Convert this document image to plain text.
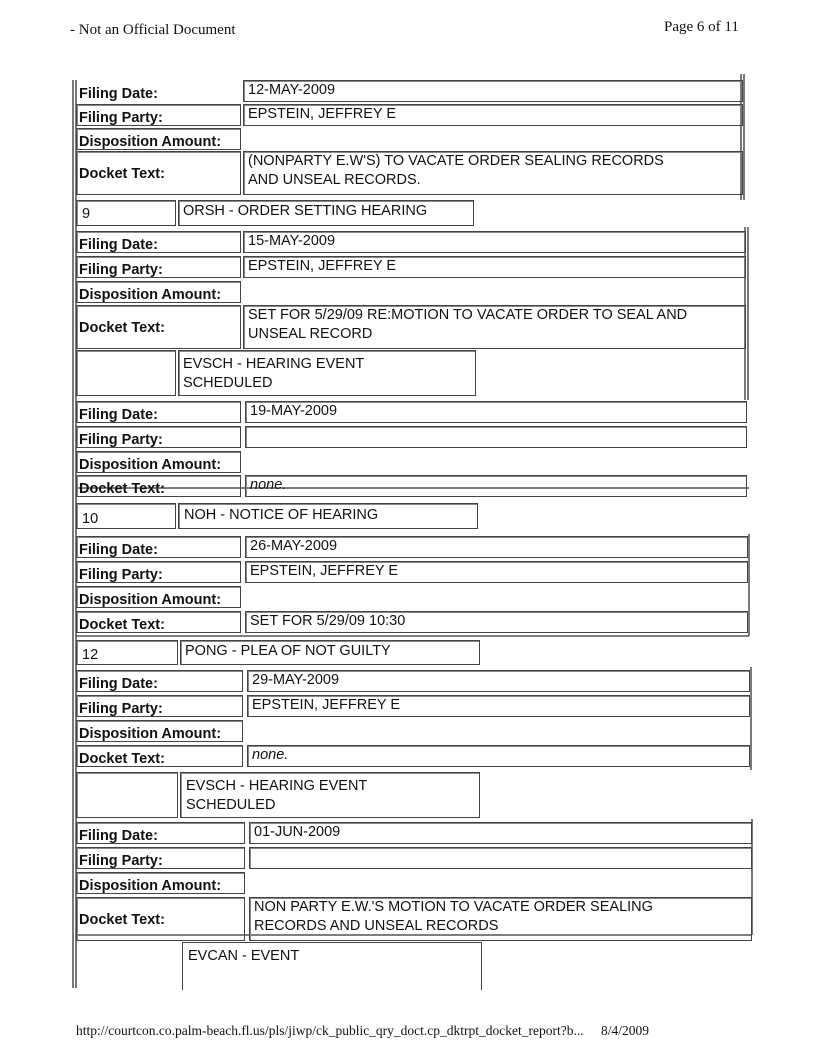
- Not an Official Document	Page 6 of 11
Filing Date:	12-MAY-2009
Filing Party:	EPSTEIN, JEFFREY E
Disposition Amount:
Docket Text:
(NONPARTY E.W'S) TO VACATE ORDER SEALING RECORDS
AND UNSEAL RECORDS.
9	ORSH - ORDER SETTING HEARING
Filing Date:	15-MAY-2009
Filing Party:	EPSTEIN, JEFFREY E
Disposition Amount:
Docket Text:
SET FOR 5/29/09 RE:MOTION TO VACATE ORDER TO SEAL AND
UNSEAL RECORD
EVSCH - HEARING EVENT
SCHEDULED
Filing Date:	19-MAY-2009
Filing Party:
Disposition Amount:
Docket Text:	none.
10	NOH - NOTICE OF HEARING
Filing Date:	26-MAY-2009
Filing Party:	EPSTEIN, JEFFREY E
Disposition Amount:
Docket Text:	SET FOR 5/29/09 10:30
12	PONG - PLEA OF NOT GUILTY
Filing Date:	29-MAY-2009
Filing Party:	EPSTEIN, JEFFREY E
Disposition Amount:
Docket Text:	none.
EVSCH - HEARING EVENT
SCHEDULED
Filing Date:	01-JUN-2009
Filing Party:
Disposition Amount:
Docket Text:
NON PARTY E.W.'S MOTION TO VACATE ORDER SEALING
RECORDS AND UNSEAL RECORDS
EVCAN - EVENT
http://courtcon.co.palm-beach.fl.us/pls/jiwp/ck_public_qry_doct.cp_dktrpt_docket_report?b... 8/4/2009
